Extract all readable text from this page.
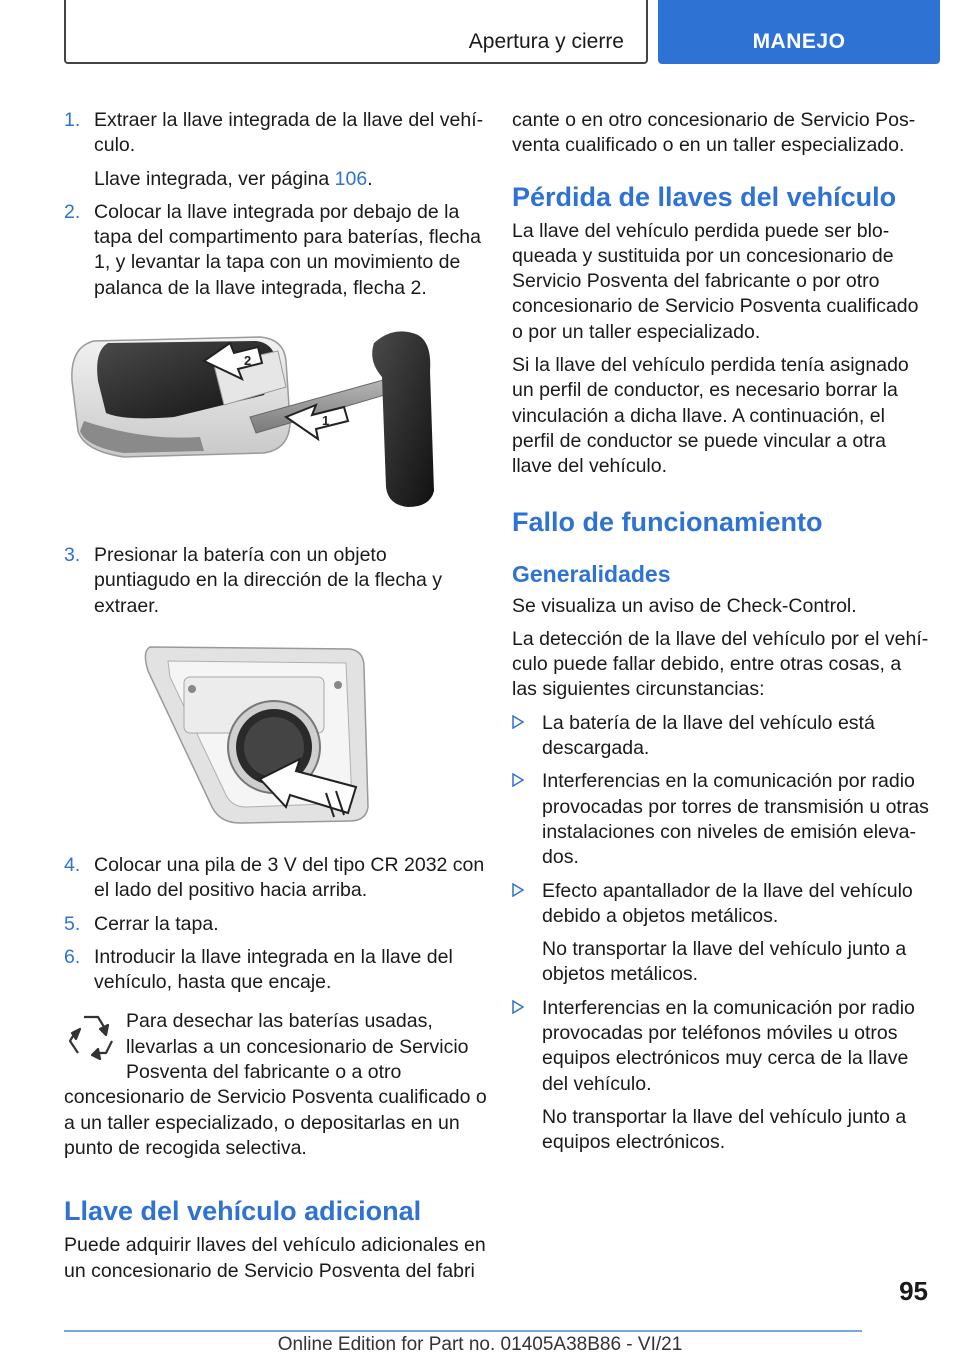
Apertura y cierre	MANEJO
1. Extraer la llave integrada de la llave del vehículo.
Llave integrada, ver página 106.
2. Colocar la llave integrada por debajo de la tapa del compartimento para baterías, flecha 1, y levantar la tapa con un movimiento de palanca de la llave integrada, flecha 2.
2
1
3. Presionar la batería con un objeto puntiagudo en la dirección de la flecha y extraer.
4. Colocar una pila de 3 V del tipo CR 2032 con el lado del positivo hacia arriba.
5. Cerrar la tapa.
6. Introducir la llave integrada en la llave del vehículo, hasta que encaje.
Para desechar las baterías usadas, llevarlas a un concesionario de Servicio Posventa del fabricante o a otro concesionario de Servicio Posventa cualificado o a un taller especializado, o depositarlas en un punto de recogida selectiva.
Llave del vehículo adicional

Puede adquirir llaves del vehículo adicionales en un concesionario de Servicio Posventa del fabri

cante o en otro concesionario de Servicio Posventa cualificado o en un taller especializado.

Pérdida de llaves del vehículo

La llave del vehículo perdida puede ser bloqueada y sustituida por un concesionario de Servicio Posventa del fabricante o por otro concesionario de Servicio Posventa cualificado o por un taller especializado.

Si la llave del vehículo perdida tenía asignado un perfil de conductor, es necesario borrar la vinculación a dicha llave. A continuación, el perfil de conductor se puede vincular a otra llave del vehículo.

Fallo de funcionamiento
Generalidades

Se visualiza un aviso de Check-Control.

La detección de la llave del vehículo por el vehículo puede fallar debido, entre otras cosas, a las siguientes circunstancias:

La batería de la llave del vehículo está descargada.
Interferencias en la comunicación por radio provocadas por torres de transmisión u otras instalaciones con niveles de emisión elevados.
Efecto apantallador de la llave del vehículo debido a objetos metálicos.
No transportar la llave del vehículo junto a objetos metálicos.
Interferencias en la comunicación por radio provocadas por teléfonos móviles u otros equipos electrónicos muy cerca de la llave del vehículo.
No transportar la llave del vehículo junto a equipos electrónicos.
95
Online Edition for Part no. 01405A38B86 - VI/21
